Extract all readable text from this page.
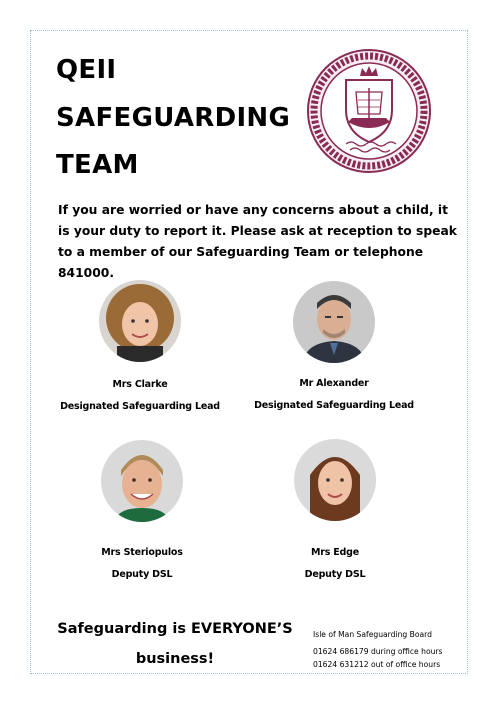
QEII
SAFEGUARDING
TEAM
If you are worried or have any concerns about a child, it is your duty to report it. Please ask at reception to speak to a member of our Safeguarding Team or telephone 841000.
Mrs Clarke
Designated Safeguarding Lead
Mr Alexander
Designated Safeguarding Lead
Mrs Steriopulos
Deputy DSL
Mrs Edge
Deputy DSL
Safeguarding is EVERYONE’S
business!
Isle of Man Safeguarding Board
01624 686179 during office hours
01624 631212 out of office hours
